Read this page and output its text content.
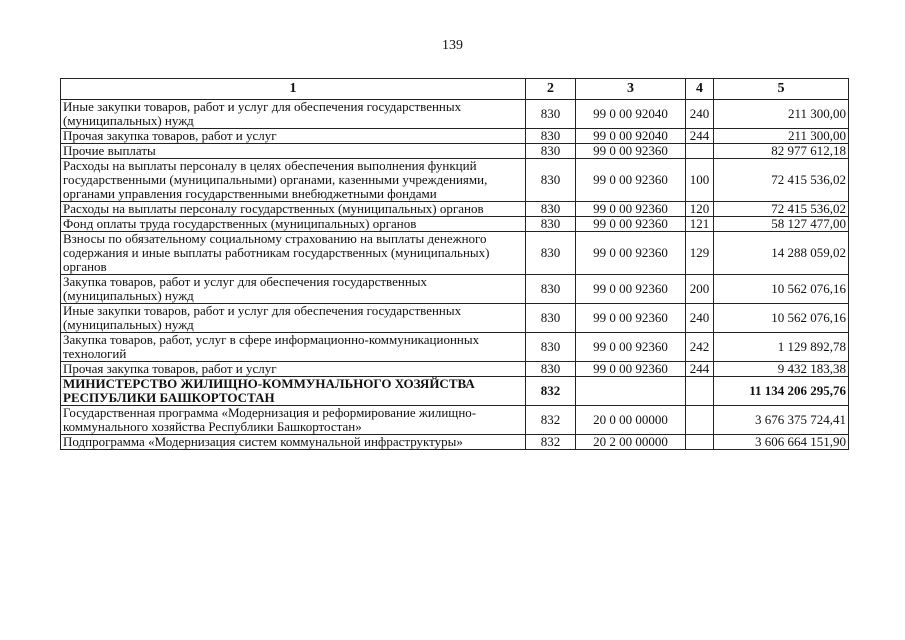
139
1	2	3	4	5
Иные закупки товаров, работ и услуг для обеспечения государственных (муниципальных) нужд	830	99 0 00 92040	240	211 300,00
Прочая закупка товаров, работ и услуг	830	99 0 00 92040	244	211 300,00
Прочие выплаты	830	99 0 00 92360		82 977 612,18
Расходы на выплаты персоналу в целях обеспечения выполнения функций государственными (муниципальными) органами, казенными учреждениями, органами управления государственными внебюджетными фондами	830	99 0 00 92360	100	72 415 536,02
Расходы на выплаты персоналу государственных (муниципальных) органов	830	99 0 00 92360	120	72 415 536,02
Фонд оплаты труда государственных (муниципальных) органов	830	99 0 00 92360	121	58 127 477,00
Взносы по обязательному социальному страхованию на выплаты денежного содержания и иные выплаты работникам государственных (муниципальных) органов	830	99 0 00 92360	129	14 288 059,02
Закупка товаров, работ и услуг для обеспечения государственных (муниципальных) нужд	830	99 0 00 92360	200	10 562 076,16
Иные закупки товаров, работ и услуг для обеспечения государственных (муниципальных) нужд	830	99 0 00 92360	240	10 562 076,16
Закупка товаров, работ, услуг в сфере информационно-коммуникационных технологий	830	99 0 00 92360	242	1 129 892,78
Прочая закупка товаров, работ и услуг	830	99 0 00 92360	244	9 432 183,38
МИНИСТЕРСТВО ЖИЛИЩНО-КОММУНАЛЬНОГО ХОЗЯЙСТВА РЕСПУБЛИКИ БАШКОРТОСТАН	832			11 134 206 295,76
Государственная программа «Модернизация и реформирование жилищно-коммунального хозяйства Республики Башкортостан»	832	20 0 00 00000		3 676 375 724,41
Подпрограмма «Модернизация систем коммунальной инфраструктуры»	832	20 2 00 00000		3 606 664 151,90
